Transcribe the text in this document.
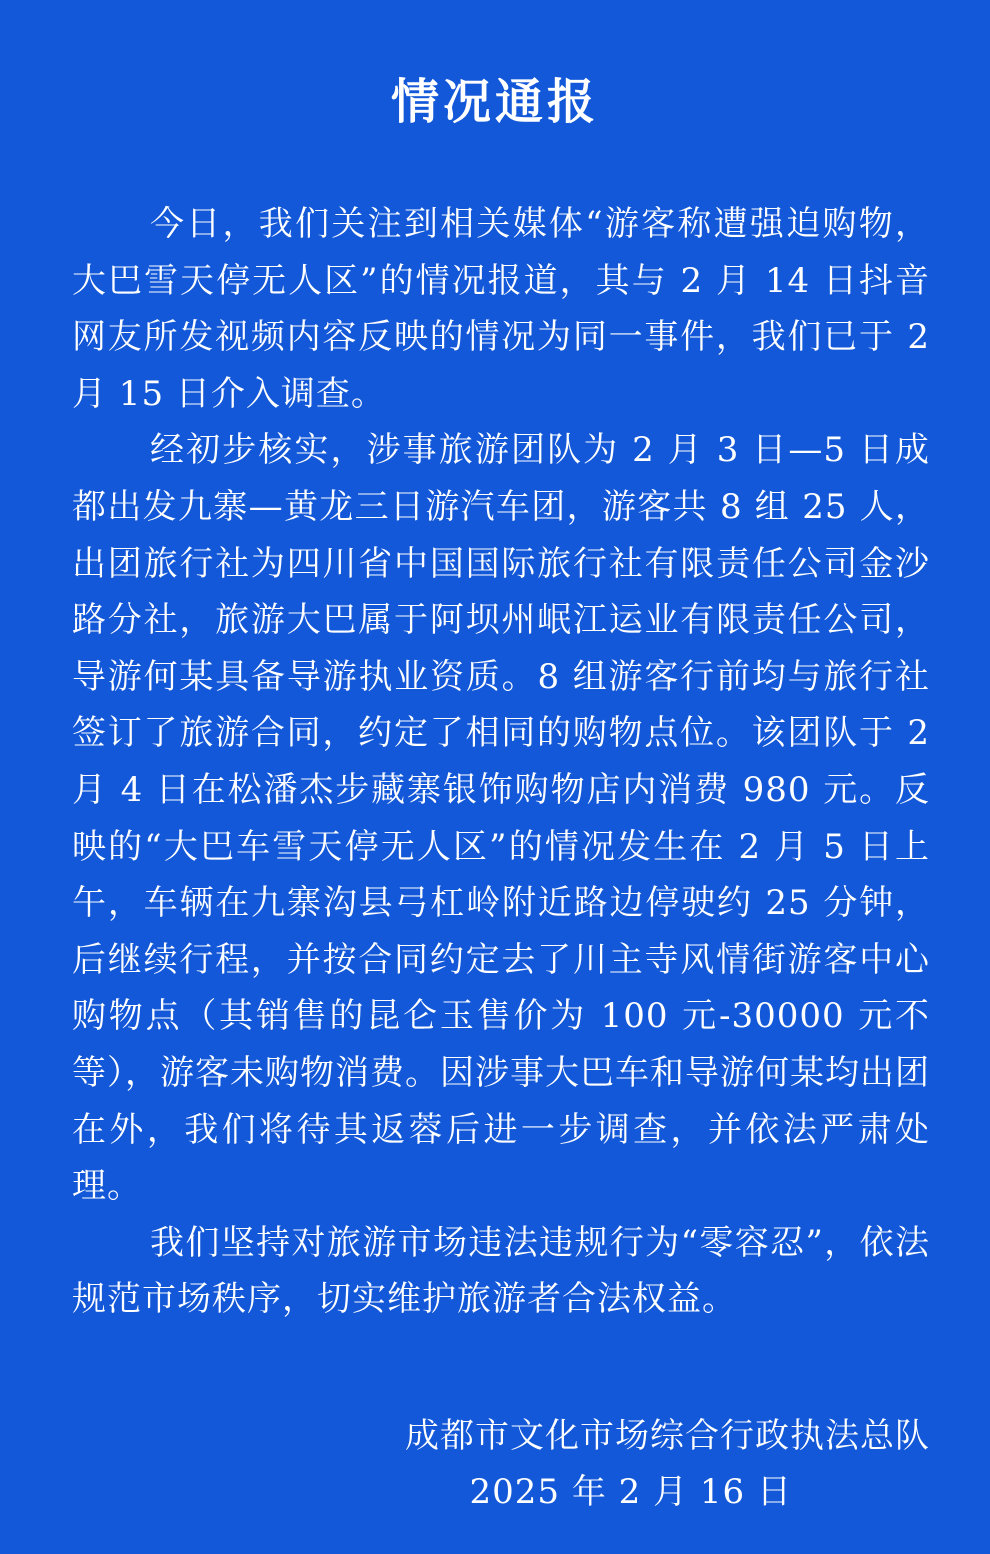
情况通报

今日，我们关注到相关媒体“游客称遭强迫购物，大巴雪天停无人区”的情况报道，其与 2 月 14 日抖音网友所发视频内容反映的情况为同一事件，我们已于 2 月 15 日介入调查。

经初步核实，涉事旅游团队为 2 月 3 日—5 日成都出发九寨—黄龙三日游汽车团，游客共 8 组 25 人，出团旅行社为四川省中国国际旅行社有限责任公司金沙路分社，旅游大巴属于阿坝州岷江运业有限责任公司，导游何某具备导游执业资质。8 组游客行前均与旅行社签订了旅游合同，约定了相同的购物点位。该团队于 2 月 4 日在松潘杰步藏寨银饰购物店内消费 980 元。反映的“大巴车雪天停无人区”的情况发生在 2 月 5 日上午，车辆在九寨沟县弓杠岭附近路边停驶约 25 分钟，后继续行程，并按合同约定去了川主寺风情街游客中心购物点（其销售的昆仑玉售价为 100 元-30000 元不等），游客未购物消费。因涉事大巴车和导游何某均出团在外，我们将待其返蓉后进一步调查，并依法严肃处理。

我们坚持对旅游市场违法违规行为“零容忍”，依法规范市场秩序，切实维护旅游者合法权益。

成都市文化市场综合行政执法总队
2025 年 2 月 16 日
